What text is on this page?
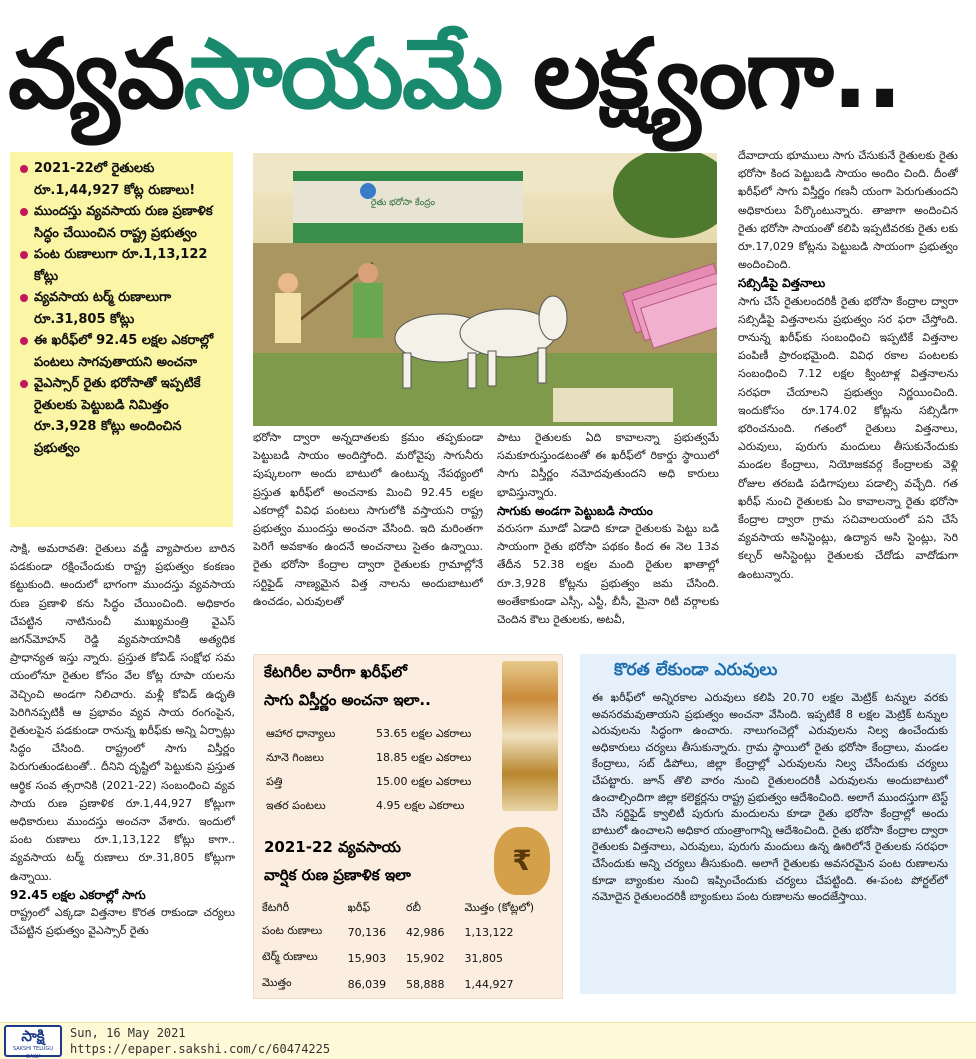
వ్యవసాయమే లక్ష్యంగా..
2021-22లో రైతులకు రూ.1,44,927 కోట్ల రుణాలు!
ముందస్తు వ్యవసాయ రుణ ప్రణాళిక సిద్ధం చేయించిన రాష్ట్ర ప్రభుత్వం
పంట రుణాలుగా రూ.1,13,122 కోట్లు
వ్యవసాయ టర్మ్ రుణాలుగా రూ.31,805 కోట్లు
ఈ ఖరీఫ్‌లో 92.45 లక్షల ఎకరాల్లో పంటలు సాగవుతాయని అంచనా
వైఎస్సార్ రైతు భరోసాతో ఇప్పటికే రైతులకు పెట్టుబడి నిమిత్తం రూ.3,928 కోట్లు అందించిన ప్రభుత్వం
రైతు భరోసా కేంద్రం

సాక్షి, అమరావతి: రైతులు వడ్డీ వ్యాపారుల బారిన పడకుండా రక్షించేందుకు రాష్ట్ర ప్రభుత్వం కంకణం కట్టుకుంది. అందులో భాగంగా ముందస్తు వ్యవసాయ రుణ ప్రణాళి కను సిద్ధం చేయించింది. అధికారం చేపట్టిన నాటినుంచీ ముఖ్యమంత్రి వైఎస్ జగన్‌మోహన్ రెడ్డి వ్యవసాయానికి అత్యధిక ప్రాధాన్యత ఇస్తు న్నారు. ప్రస్తుత కోవిడ్ సంక్షోభ సమ యంలోనూ రైతుల కోసం వేల కోట్ల రూపా యలను వెచ్చించి అండగా నిలిచారు. మళ్లీ కోవిడ్ ఉధృతి పెరిగినప్పటికీ ఆ ప్రభావం వ్యవ సాయ రంగంపైన, రైతులపైన పడకుండా రానున్న ఖరీఫ్‌కు అన్ని ఏర్పాట్లు సిద్ధం చేసింది. రాష్ట్రంలో సాగు విస్తీర్ణం పెరుగుతుండటంతో.. దీనిని దృష్టిలో పెట్టుకుని ప్రస్తుత ఆర్థిక సంవ త్సరానికి (2021-22) సంబంధించి వ్యవ సాయ రుణ ప్రణాళిక రూ.1,44,927 కోట్లుగా అధికారులు ముందస్తు అంచనా వేశారు. ఇందులో పంట రుణాలు రూ.1,13,122 కోట్లు కాగా.. వ్యవసాయ టర్మ్ రుణాలు రూ.31,805 కోట్లుగా ఉన్నాయి.

92.45 లక్షల ఎకరాల్లో సాగు

రాష్ట్రంలో ఎక్కడా విత్తనాల కొరత రాకుండా చర్యలు చేపట్టిన ప్రభుత్వం వైఎస్సార్ రైతు

భరోసా ద్వారా అన్నదాతలకు క్రమం తప్పకుండా పెట్టుబడి సాయం అందిస్తోంది. మరోవైపు సాగునీరు పుష్కలంగా అందు బాటులో ఉంటున్న నేపథ్యంలో ప్రస్తుత ఖరీఫ్‌లో అంచనాకు మించి 92.45 లక్షల ఎకరాల్లో వివిధ పంటలు సాగులోకి వస్తాయని రాష్ట్ర ప్రభుత్వం ముందస్తు అంచనా వేసింది. ఇది మరింతగా పెరిగే అవకాశం ఉందనే అంచనాలు సైతం ఉన్నాయి. రైతు భరోసా కేంద్రాల ద్వారా రైతులకు గ్రామాల్లోనే సర్టిఫైడ్ నాణ్యమైన విత్త నాలను అందుబాటులో ఉంచడం, ఎరువులతో

పాటు రైతులకు ఏది కావాలన్నా ప్రభుత్వమే సమకూరుస్తుండటంతో ఈ ఖరీఫ్‌లో రికార్డు స్థాయిలో సాగు విస్తీర్ణం నమోదవుతుందని అధి కారులు భావిస్తున్నారు.

సాగుకు అండగా పెట్టుబడి సాయం

వరుసగా మూడో ఏడాది కూడా రైతులకు పెట్టు బడి సాయంగా రైతు భరోసా పథకం కింద ఈ నెల 13వ తేదీన 52.38 లక్షల మంది రైతుల ఖాతాల్లో రూ.3,928 కోట్లను ప్రభుత్వం జమ చేసింది. అంతేకాకుండా ఎస్సీ, ఎస్టీ, బీసీ, మైనా రిటీ వర్గాలకు చెందిన కౌలు రైతులకు, అటవీ,

దేవాదాయ భూములు సాగు చేసుకునే రైతులకు రైతు భరోసా కింద పెట్టుబడి సాయం అందిం చింది. దీంతో ఖరీఫ్‌లో సాగు విస్తీర్ణం గణనీ యంగా పెరుగుతుందని అధికారులు పేర్కొంటున్నారు. తాజాగా అందించిన రైతు భరోసా సాయంతో కలిపి ఇప్పటివరకు రైతు లకు రూ.17,029 కోట్లను పెట్టుబడి సాయంగా ప్రభుత్వం అందించింది.

సబ్సిడీపై విత్తనాలు

సాగు చేసే రైతులందరికీ రైతు భరోసా కేంద్రాల ద్వారా సబ్సిడీపై విత్తనాలను ప్రభుత్వం సర ఫరా చేస్తోంది. రానున్న ఖరీఫ్‌కు సంబంధించి ఇప్పటికే విత్తనాల పంపిణీ ప్రారంభమైంది. వివిధ రకాల పంటలకు సంబంధించి 7.12 లక్షల క్వింటాళ్ల విత్తనాలను సరఫరా చేయాలని ప్రభుత్వం నిర్ణయించింది. ఇందుకోసం రూ.174.02 కోట్లను సబ్సిడీగా భరించనుంది. గతంలో రైతులు విత్తనాలు, ఎరువులు, పురుగు మందులు తీసుకునేందుకు మండల కేంద్రాలు, నియోజకవర్గ కేంద్రాలకు వెళ్లి రోజుల తరబడి పడిగాపులు పడాల్సి వచ్చేది. గత ఖరీఫ్ నుంచి రైతులకు ఏం కావాలన్నా రైతు భరోసా కేంద్రాల ద్వారా గ్రామ సచివాలయంలో పని చేసే వ్యవసాయ అసిస్టెంట్లు, ఉద్యాన అసి స్టెంట్లు, సెరి కల్చర్ అసిస్టెంట్లు రైతులకు చేదోడు వాదోడుగా ఉంటున్నారు.

కేటగిరీల వారీగా ఖరీఫ్‌లో
సాగు విస్తీర్ణం అంచనా ఇలా..
ఆహార ధాన్యాలు	53.65 లక్షల ఎకరాలు
నూనె గింజలు	18.85 లక్షల ఎకరాలు
పత్తి	15.00 లక్షల ఎకరాలు
ఇతర పంటలు	4.95 లక్షల ఎకరాలు
2021-22 వ్యవసాయ
వార్షిక రుణ ప్రణాళిక ఇలా	₹
కేటగిరీ	ఖరీఫ్	రబీ	మొత్తం (కోట్లలో)
పంట రుణాలు	70,136	42,986	1,13,122
టెర్మ్ రుణాలు	15,903	15,902	31,805
మొత్తం	86,039	58,888	1,44,927
కొరత లేకుండా ఎరువులు
ఈ ఖరీఫ్‌లో అన్నిరకాల ఎరువులు కలిపి 20.70 లక్షల మెట్రిక్ టన్నుల వరకు అవసరమవుతాయని ప్రభుత్వం అంచనా వేసింది. ఇప్పటికే 8 లక్షల మెట్రిక్ టన్నుల ఎరువులను సిద్ధంగా ఉంచారు. నాలుగంచెల్లో ఎరువులను నిల్వ ఉంచేందుకు అధికారులు చర్యలు తీసుకున్నారు. గ్రామ స్థాయిలో రైతు భరోసా కేంద్రాలు, మండల కేంద్రాలు, సబ్ డిపోలు, జిల్లా కేంద్రాల్లో ఎరువులను నిల్వ చేసేందుకు చర్యలు చేపట్టారు. జూన్ తొలి వారం నుంచి రైతులందరికీ ఎరువులను అందుబాటులో ఉంచాల్సిందిగా జిల్లా కలెక్టర్లను రాష్ట్ర ప్రభుత్వం ఆదేశించింది. అలాగే ముందస్తుగా టెస్ట్ చేసి సర్టిఫైడ్ క్వాలిటీ పురుగు మందులను కూడా రైతు భరోసా కేంద్రాల్లో అందు బాటులో ఉంచాలని అధికార యంత్రాంగాన్ని ఆదేశించింది. రైతు భరోసా కేంద్రాల ద్వారా రైతులకు విత్తనాలు, ఎరువులు, పురుగు మందులు ఉన్న ఊరిలోనే రైతులకు సరఫరా చేసేందుకు అన్ని చర్యలు తీసుకుంది. అలాగే రైతులకు అవసరమైన పంట రుణాలను కూడా బ్యాంకుల నుంచి ఇప్పించేందుకు చర్యలు చేపట్టింది. ఈ-పంట పోర్టల్‌లో నమోదైన రైతులందరికీ బ్యాంకులు పంట రుణాలను అందజేస్తాయి.
సాక్షి
SAKSHI TELUGU DAILY
Sun, 16 May 2021
https://epaper.sakshi.com/c/60474225
